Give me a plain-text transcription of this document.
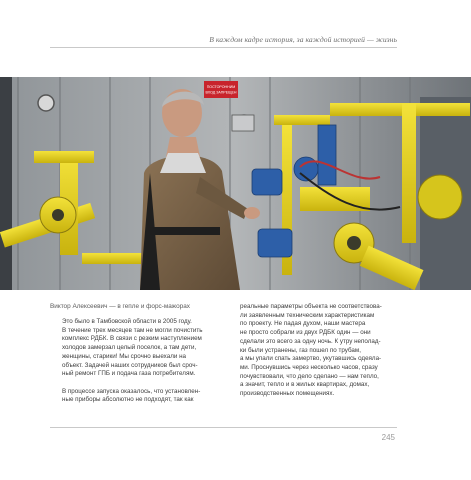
В каждом кадре история, за каждой историей — жизнь
ПОСТОРОННИМ
ВХОД ЗАПРЕЩЕН
Виктор Алексеевич — в гепле и форс-мажорах

Это было в Тамбовской области в 2005 году.
В течение трех месяцев там не могли почистить
комплекс РДБК. В связи с резким наступлением
холодов замерзал целый поселок, а там дети,
женщины, старики! Мы срочно выехали на
объект. Задачей наших сотрудников был сроч-
ный ремонт ГПБ и подача газа потребителям.

В процессе запуска оказалось, что установлен-
ные приборы абсолютно не подходят, так как

реальные параметры объекта не соответствова-
ли заявленным техническим характеристикам
по проекту. Не падая духом, наши мастера
не просто собрали из двух РДБК один — они
сделали это всего за одну ночь. К утру неполад-
ки были устранены, газ пошел по трубам,
а мы упали спать замертво, укутавшись одеяла-
ми. Проснувшись через несколько часов, сразу
почувствовали, что дело сделано — нам тепло,
а значит, тепло и в жилых квартирах, домах,
производственных помещениях.

245
